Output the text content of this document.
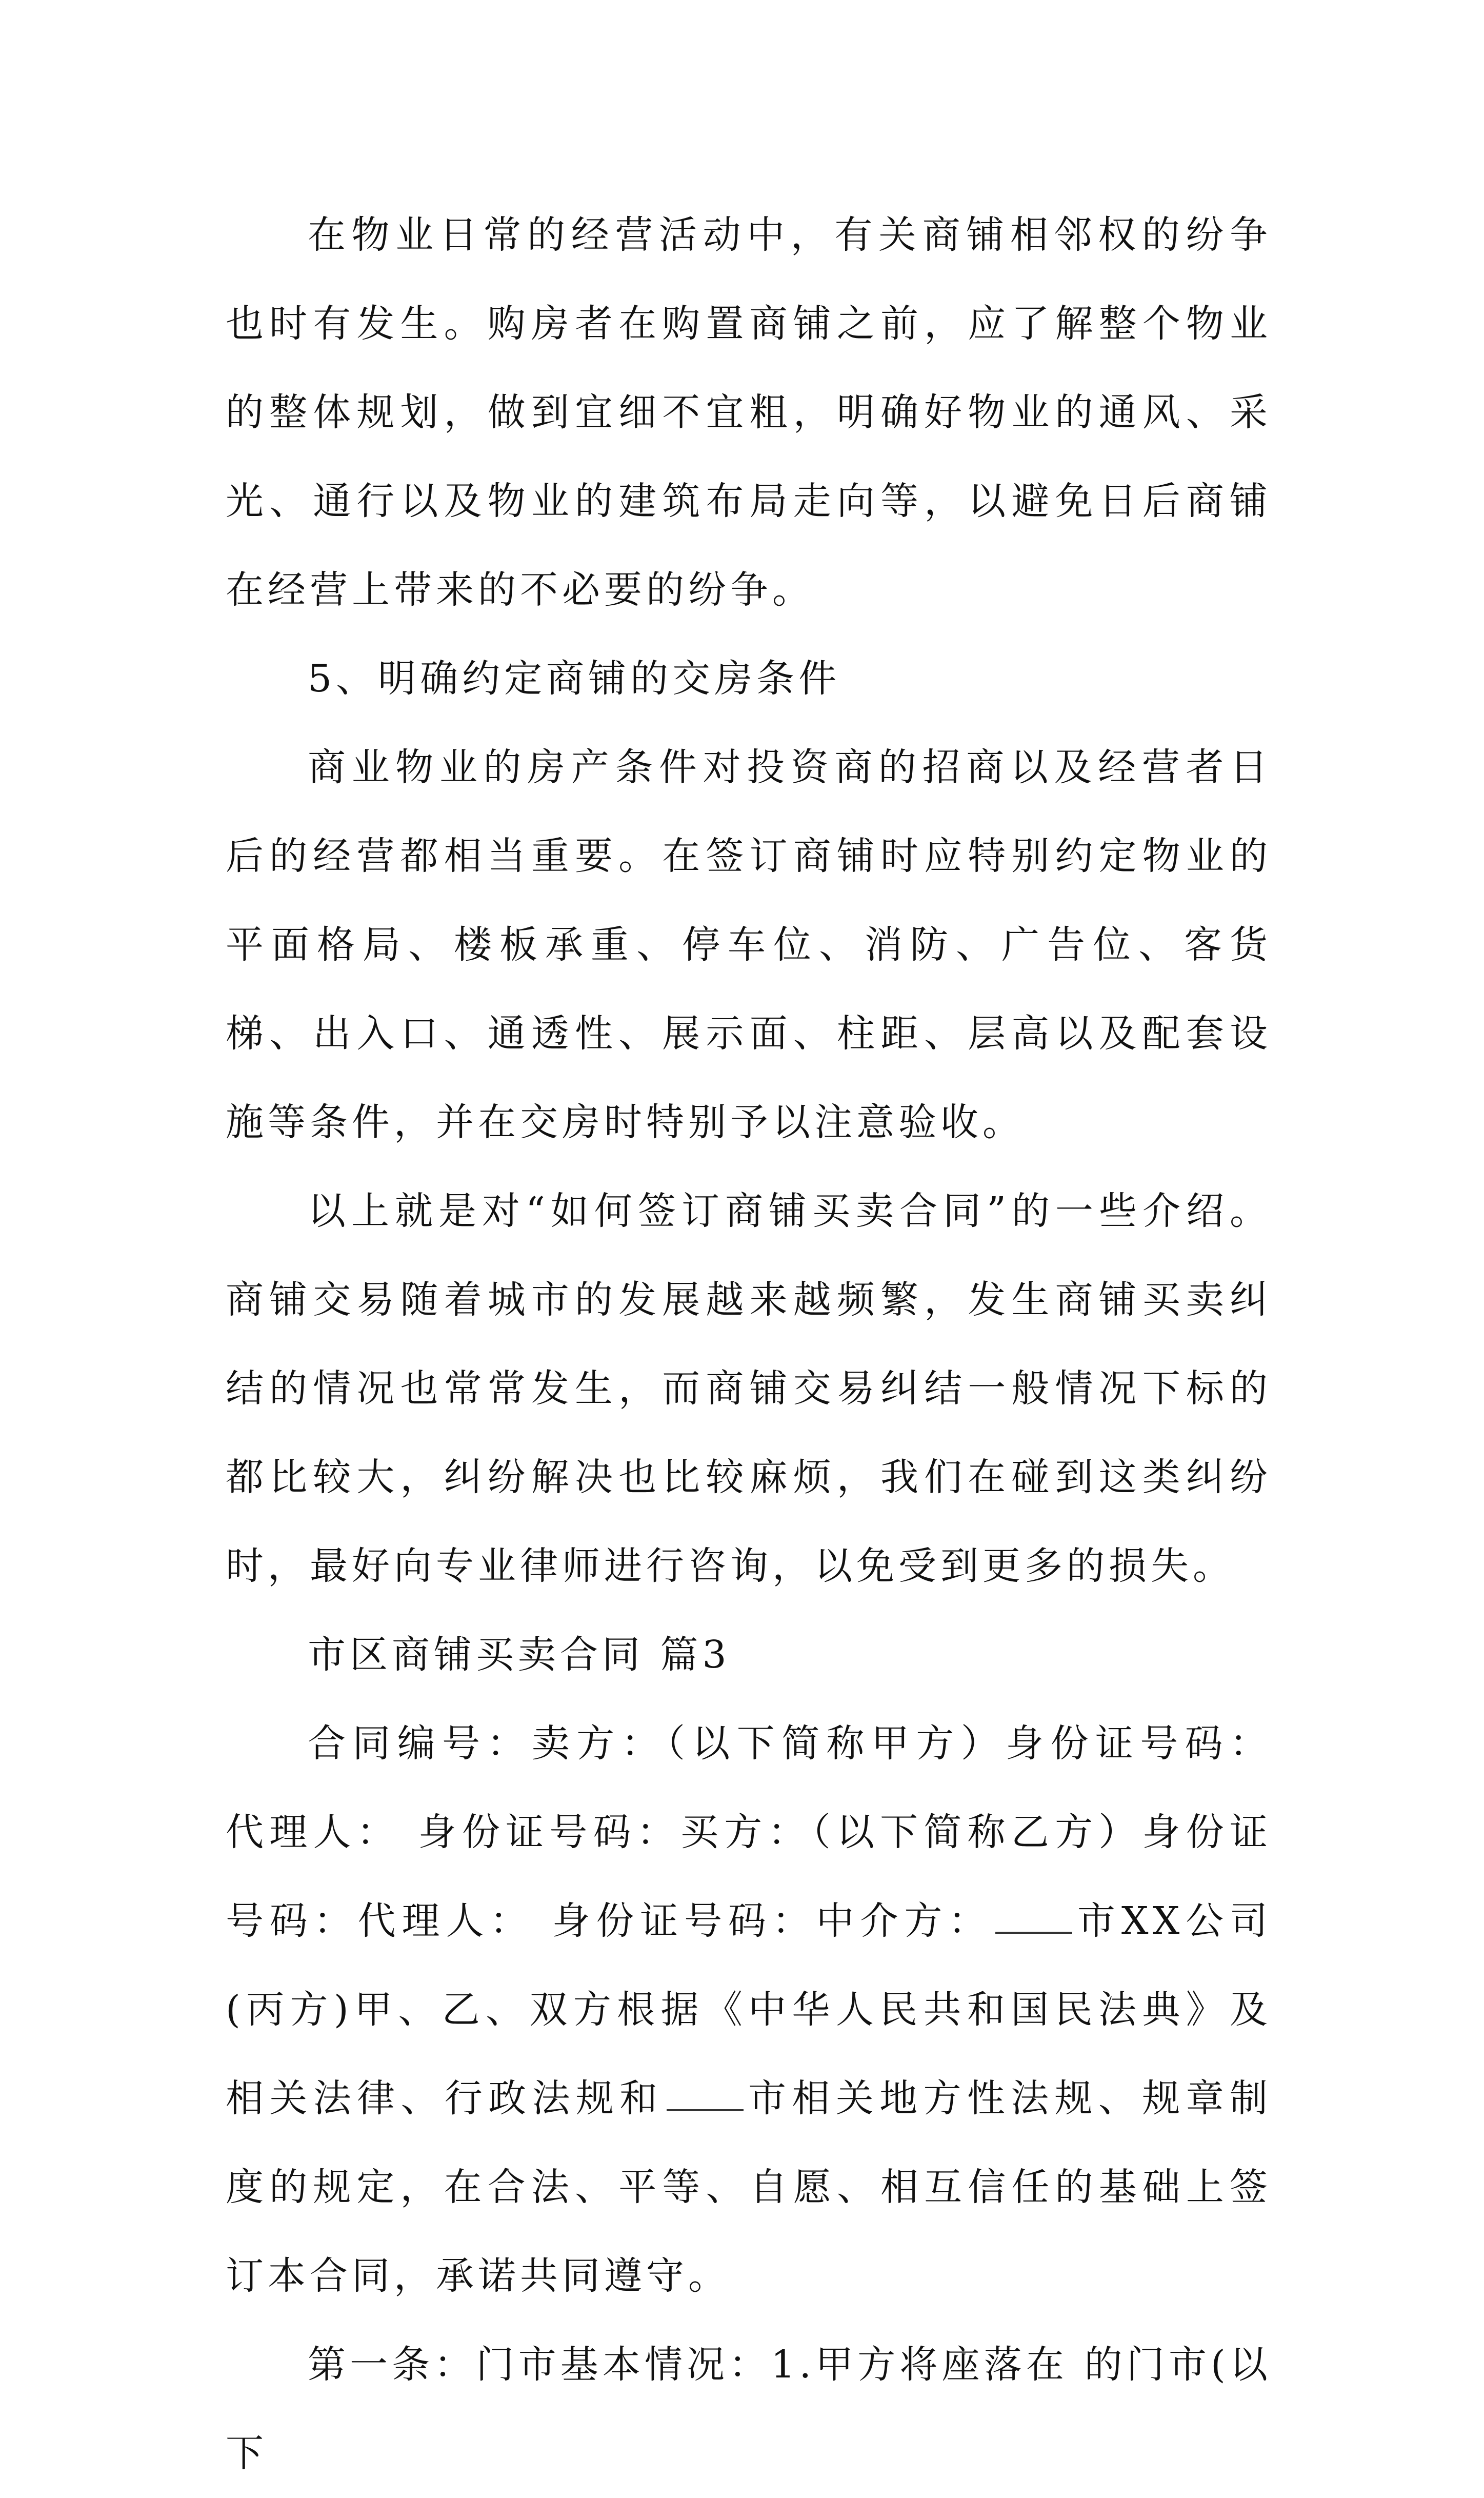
在物业日常的经营活动中，有关商铺相邻权的纷争也时有发生。购房者在购置商铺之前，应了解整个物业的整体规划，做到宜细不宜粗，明确好物业的通风、采光、通行以及物业的建筑布局走向等，以避免日后商铺在经营上带来的不必要的纷争。

5、明确约定商铺的交房条件

商业物业的房产条件对投资商的招商以及经营者日后的经营都相当重要。在签订商铺时应特别约定物业的平面格局、楼板承重、停车位、消防、广告位、客货梯、出入口、通透性、展示面、柱距、层高以及配套设施等条件，并在交房时特别予以注意验收。

以上就是对“如何签订商铺买卖合同”的一些介绍。商铺交易随着城市的发展越来越频繁，发生商铺买卖纠结的情况也常常发生，而商铺交易纠结一般情况下标的都比较大，纠纷解决也比较麻烦，我们在碰到这类纠纷时，最好向专业律师进行咨询，以免受到更多的损失。

市区商铺买卖合同 篇3

合同编号：卖方：（以下简称甲方）身份证号码： 代理人： 身份证号码：买方：（以下简称乙方）身份证号码：代理人： 身份证号码：中介方： 市XX公司(丙方)甲、乙、双方根据《中华人民共和国民法典》及相关法律、行政法规和 市相关地方性法规、规章制度的规定，在合法、平等、自愿、相互信任的基础上签订本合同，承诺共同遵守。

第一条：门市基本情况：1.甲方将座落在 的门市(以下
